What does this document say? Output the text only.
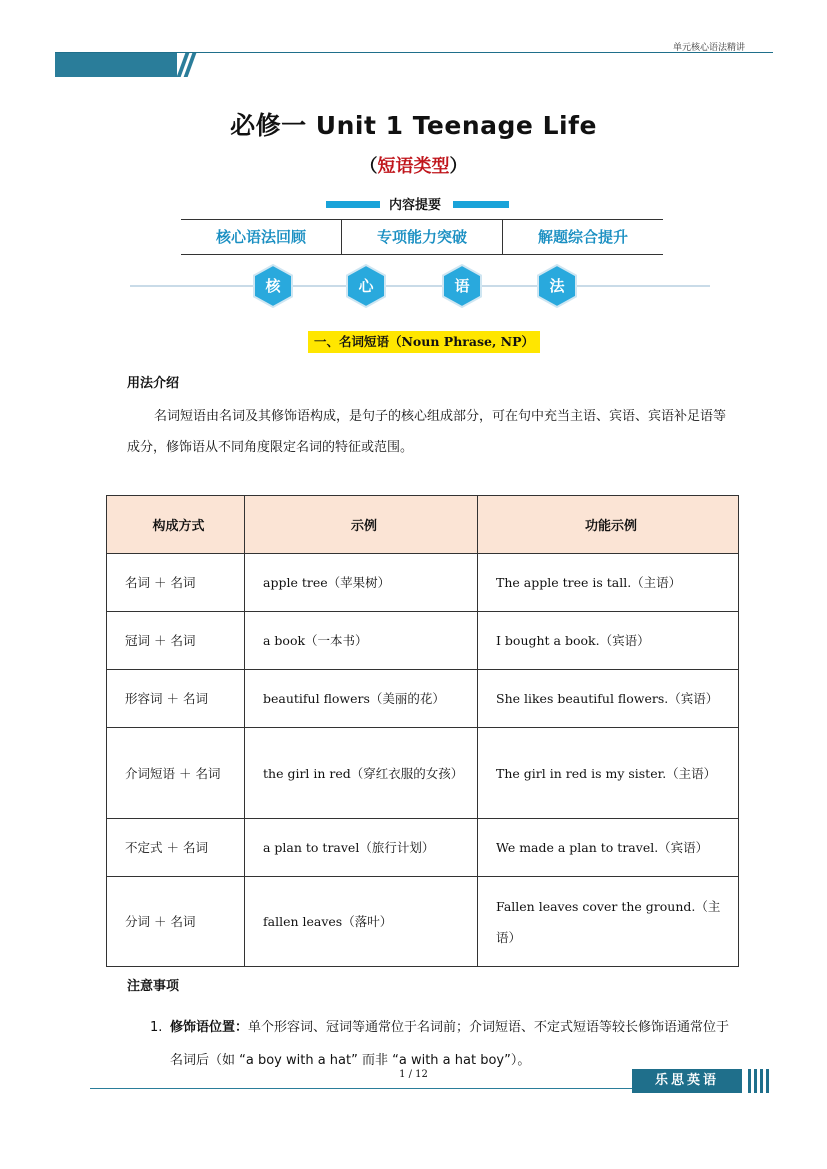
单元核心语法精讲
必修一 Unit 1 Teenage Life
（短语类型）
内容提要
核心语法回顾	专项能力突破	解题综合提升
核	心	语	法
一、名词短语（Noun Phrase, NP）
用法介绍
名词短语由名词及其修饰语构成，是句子的核心组成部分，可在句中充当主语、宾语、宾语补足语等成分，修饰语从不同角度限定名词的特征或范围。
构成方式	示例	功能示例
名词 ＋ 名词	apple tree（苹果树）	The apple tree is tall.（主语）
冠词 ＋ 名词	a book（一本书）	I bought a book.（宾语）
形容词 ＋ 名词	beautiful flowers（美丽的花）	She likes beautiful flowers.（宾语）
介词短语 ＋ 名词	the girl in red（穿红衣服的女孩）	The girl in red is my sister.（主语）
不定式 ＋ 名词	a plan to travel（旅行计划）	We made a plan to travel.（宾语）
分词 ＋ 名词	fallen leaves（落叶）	Fallen leaves cover the ground.（主语）
注意事项
1. 修饰语位置：单个形容词、冠词等通常位于名词前；介词短语、不定式短语等较长修饰语通常位于名词后（如 “a boy with a hat” 而非 “a with a hat boy”）。
1 / 12	乐思英语
